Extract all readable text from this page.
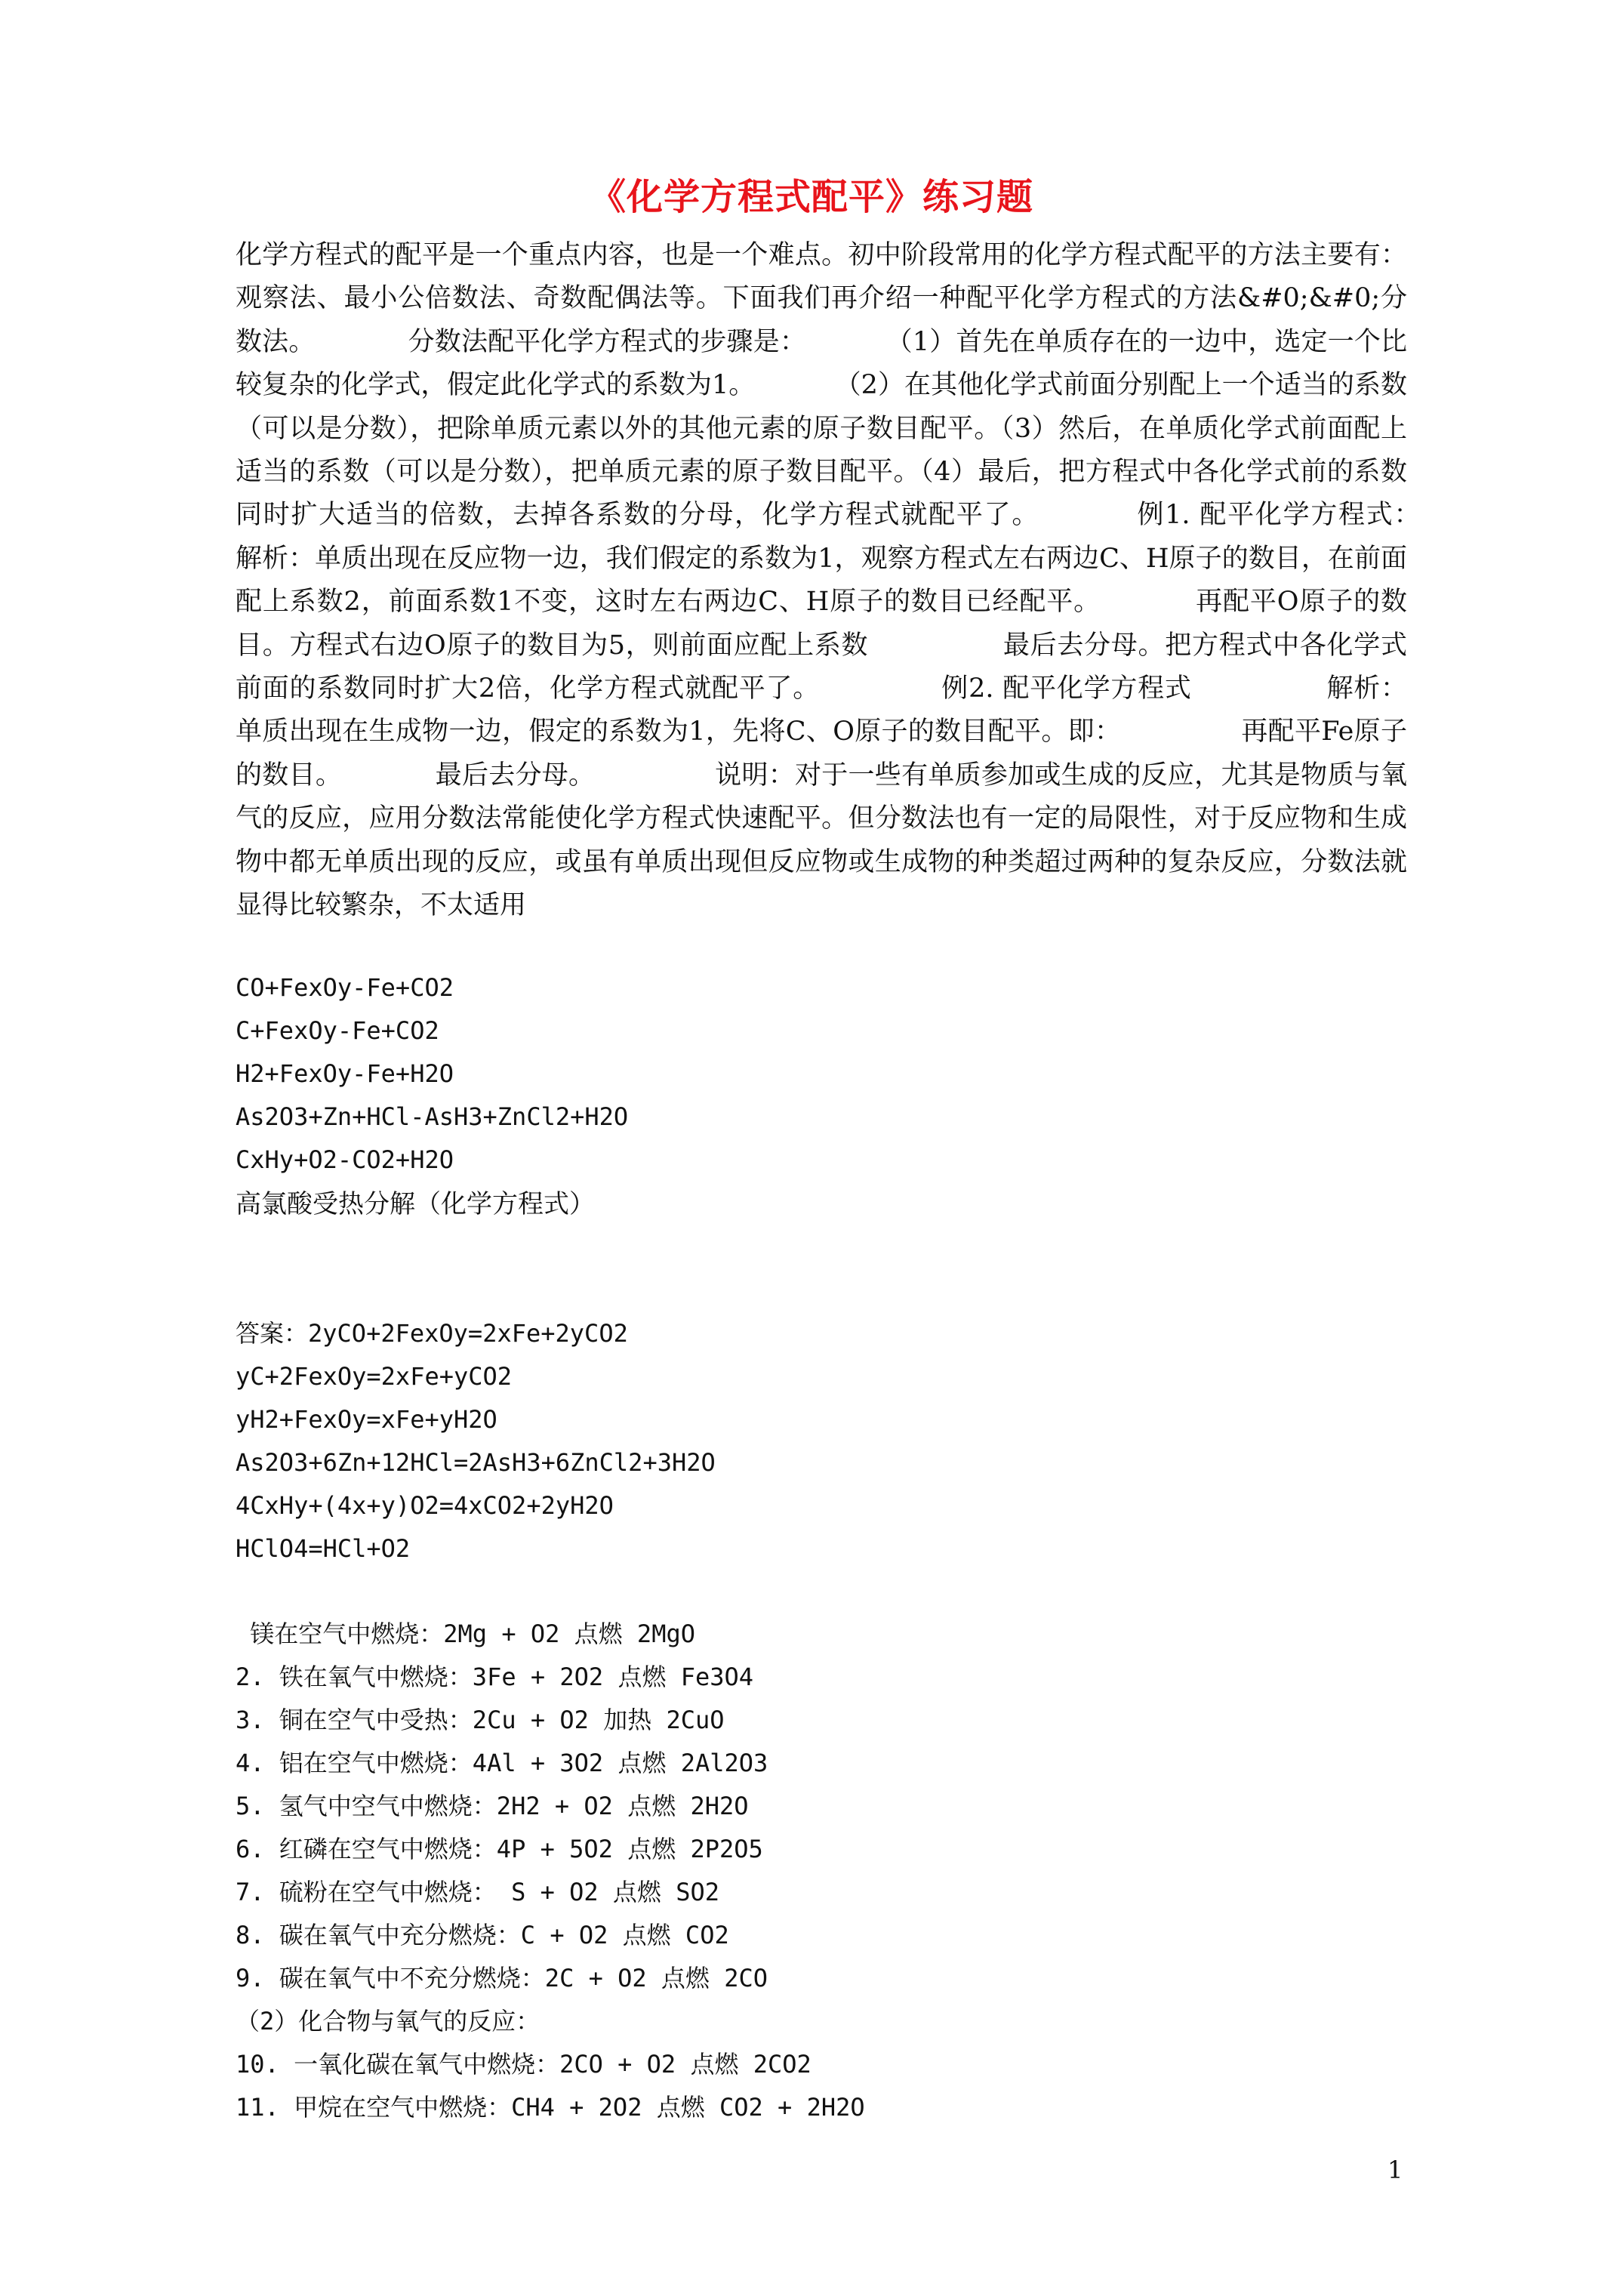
《化学方程式配平》练习题

化学方程式的配平是一个重点内容，也是一个难点。初中阶段常用的化学方程式配平的方法主要有：观察法、最小公倍数法、奇数配偶法等。下面我们再介绍一种配平化学方程式的方法&#0;&#0;分数法。　　　　分数法配平化学方程式的步骤是：　　　　（1）首先在单质存在的一边中，选定一个比较复杂的化学式，假定此化学式的系数为1。　　　　（2）在其他化学式前面分别配上一个适当的系数（可以是分数），把除单质元素以外的其他元素的原子数目配平。（3）然后，在单质化学式前面配上适当的系数（可以是分数），把单质元素的原子数目配平。（4）最后，把方程式中各化学式前的系数同时扩大适当的倍数，去掉各系数的分母，化学方程式就配平了。　　　　例1. 配平化学方程式：　　　　　解析：单质出现在反应物一边，我们假定的系数为1，观察方程式左右两边C、H原子的数目，在前面配上系数2，前面系数1不变，这时左右两边C、H原子的数目已经配平。　　　　再配平O原子的数目。方程式右边O原子的数目为5，则前面应配上系数　　　　　最后去分母。把方程式中各化学式前面的系数同时扩大2倍，化学方程式就配平了。　　　　　例2. 配平化学方程式　　　　　解析：单质出现在生成物一边，假定的系数为1，先将C、O原子的数目配平。即：　　　　　再配平Fe原子的数目。　　　　最后去分母。　　　　　说明：对于一些有单质参加或生成的反应，尤其是物质与氧气的反应，应用分数法常能使化学方程式快速配平。但分数法也有一定的局限性，对于反应物和生成物中都无单质出现的反应，或虽有单质出现但反应物或生成物的种类超过两种的复杂反应，分数法就显得比较繁杂，不太适用

CO+FexOy-Fe+CO2
C+FexOy-Fe+CO2
H2+FexOy-Fe+H2O
As2O3+Zn+HCl-AsH3+ZnCl2+H2O
CxHy+O2-CO2+H2O
高氯酸受热分解（化学方程式）
答案：2yCO+2FexOy=2xFe+2yCO2
yC+2FexOy=2xFe+yCO2
yH2+FexOy=xFe+yH2O
As2O3+6Zn+12HCl=2AsH3+6ZnCl2+3H2O
4CxHy+(4x+y)O2=4xCO2+2yH2O
HClO4=HCl+O2
镁在空气中燃烧：2Mg + O2 点燃 2MgO
2. 铁在氧气中燃烧：3Fe + 2O2 点燃 Fe3O4
3. 铜在空气中受热：2Cu + O2 加热 2CuO
4. 铝在空气中燃烧：4Al + 3O2 点燃 2Al2O3
5. 氢气中空气中燃烧：2H2 + O2 点燃 2H2O
6. 红磷在空气中燃烧：4P + 5O2 点燃 2P2O5
7. 硫粉在空气中燃烧： S + O2 点燃 SO2
8. 碳在氧气中充分燃烧：C + O2 点燃 CO2
9. 碳在氧气中不充分燃烧：2C + O2 点燃 2CO
（2）化合物与氧气的反应：
10. 一氧化碳在氧气中燃烧：2CO + O2 点燃 2CO2
11. 甲烷在空气中燃烧：CH4 + 2O2 点燃 CO2 + 2H2O
1
